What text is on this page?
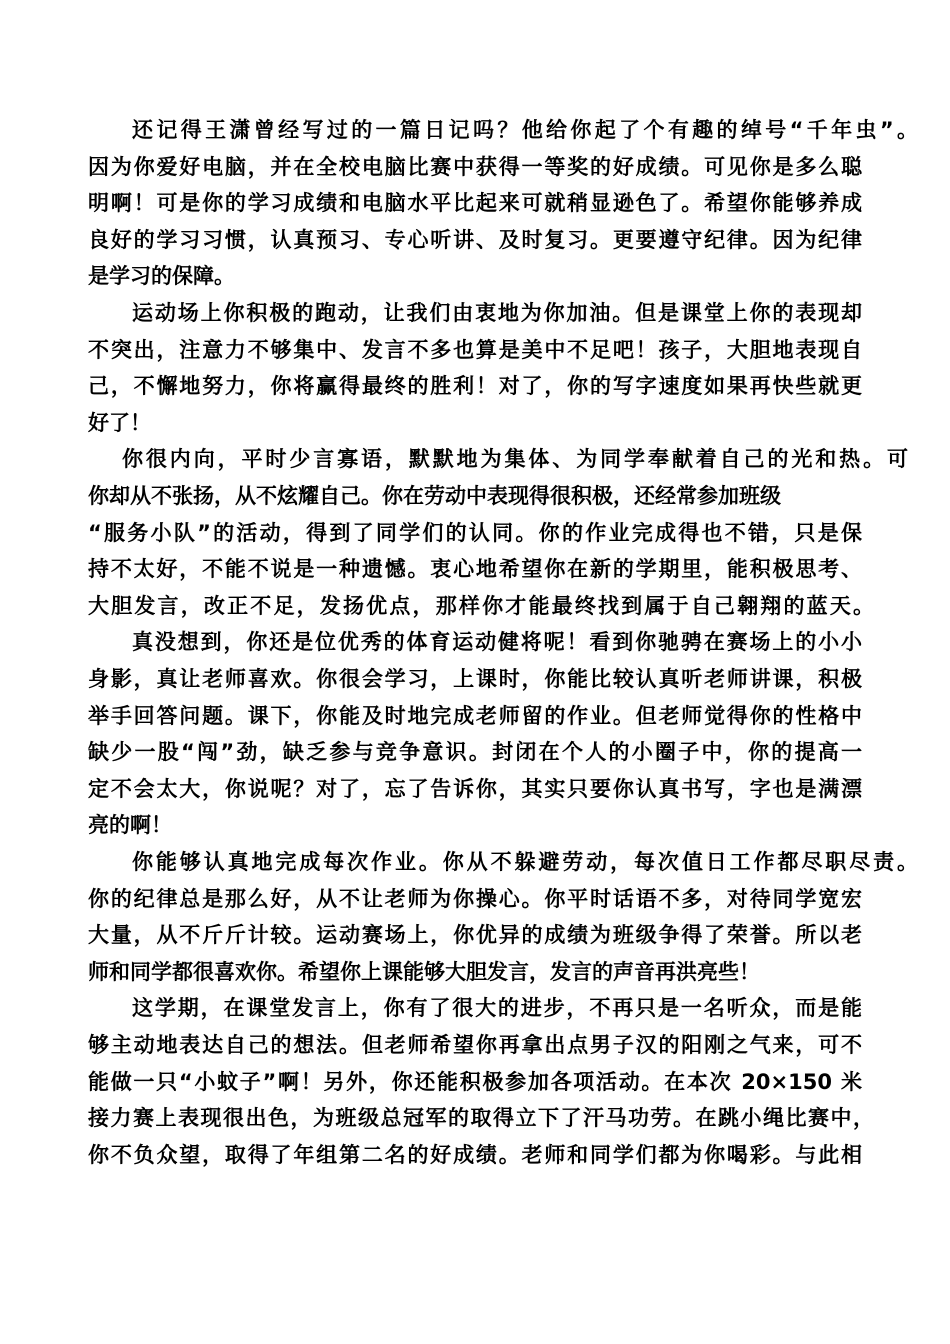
还记得王潇曾经写过的一篇日记吗？他给你起了个有趣的绰号“千年虫”。
因为你爱好电脑，并在全校电脑比赛中获得一等奖的好成绩。可见你是多么聪
明啊！可是你的学习成绩和电脑水平比起来可就稍显逊色了。希望你能够养成
良好的学习习惯，认真预习、专心听讲、及时复习。更要遵守纪律。因为纪律
是学习的保障。
运动场上你积极的跑动，让我们由衷地为你加油。但是课堂上你的表现却
不突出，注意力不够集中、发言不多也算是美中不足吧！孩子，大胆地表现自
己，不懈地努力，你将赢得最终的胜利！对了，你的写字速度如果再快些就更
好了！
你很内向，平时少言寡语，默默地为集体、为同学奉献着自己的光和热。可
你却从不张扬，从不炫耀自己。你在劳动中表现得很积极，还经常参加班级
“服务小队”的活动，得到了同学们的认同。你的作业完成得也不错，只是保
持不太好，不能不说是一种遗憾。衷心地希望你在新的学期里，能积极思考、
大胆发言，改正不足，发扬优点，那样你才能最终找到属于自己翱翔的蓝天。
真没想到，你还是位优秀的体育运动健将呢！看到你驰骋在赛场上的小小
身影，真让老师喜欢。你很会学习，上课时，你能比较认真听老师讲课，积极
举手回答问题。课下，你能及时地完成老师留的作业。但老师觉得你的性格中
缺少一股“闯”劲，缺乏参与竞争意识。封闭在个人的小圈子中，你的提高一
定不会太大，你说呢？对了，忘了告诉你，其实只要你认真书写，字也是满漂
亮的啊！
你能够认真地完成每次作业。你从不躲避劳动，每次值日工作都尽职尽责。
你的纪律总是那么好，从不让老师为你操心。你平时话语不多，对待同学宽宏
大量，从不斤斤计较。运动赛场上，你优异的成绩为班级争得了荣誉。所以老
师和同学都很喜欢你。希望你上课能够大胆发言，发言的声音再洪亮些！
这学期，在课堂发言上，你有了很大的进步，不再只是一名听众，而是能
够主动地表达自己的想法。但老师希望你再拿出点男子汉的阳刚之气来，可不
能做一只“小蚊子”啊！另外，你还能积极参加各项活动。在本次 20×150 米
接力赛上表现很出色，为班级总冠军的取得立下了汗马功劳。在跳小绳比赛中，
你不负众望，取得了年组第二名的好成绩。老师和同学们都为你喝彩。与此相
